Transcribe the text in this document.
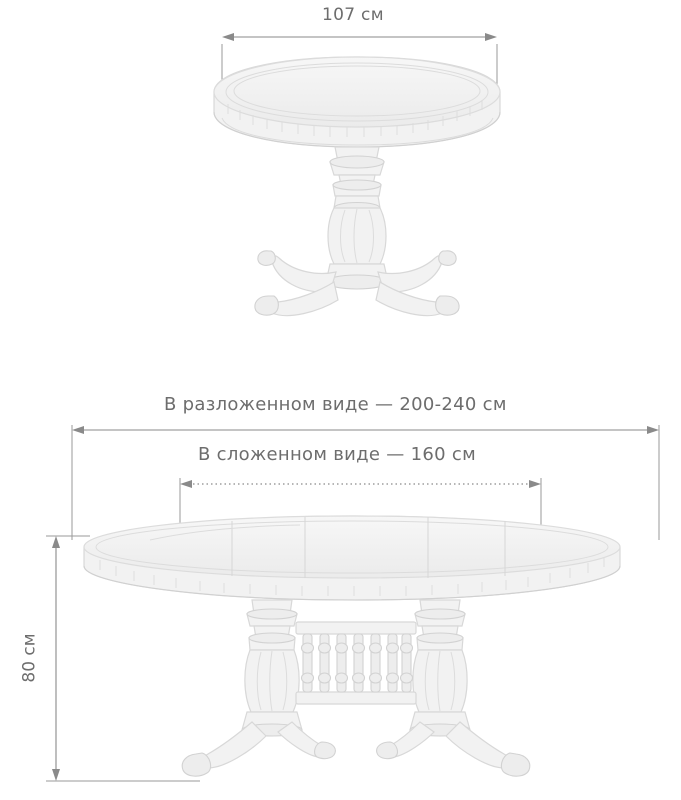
107 см
В разложенном виде — 200-240 см
В сложенном виде — 160 см
80 см
